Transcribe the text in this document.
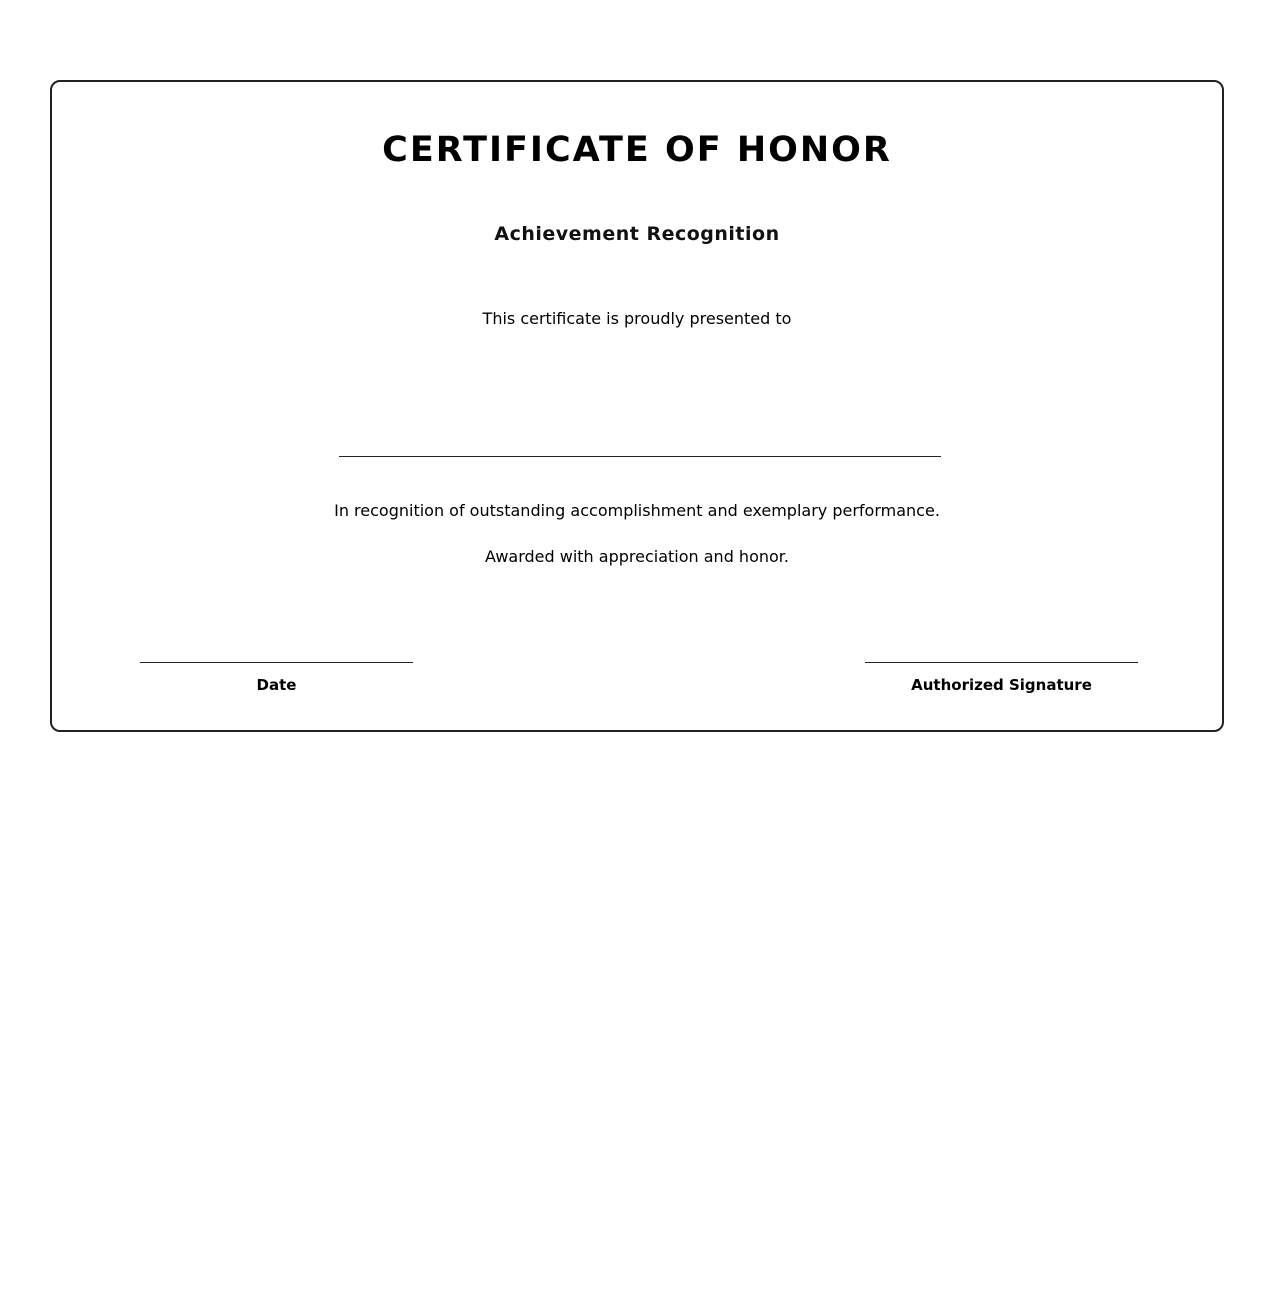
CERTIFICATE OF HONOR
Achievement Recognition

This certificate is proudly presented to

In recognition of outstanding accomplishment and exemplary performance.

Awarded with appreciation and honor.

Date	Authorized Signature
